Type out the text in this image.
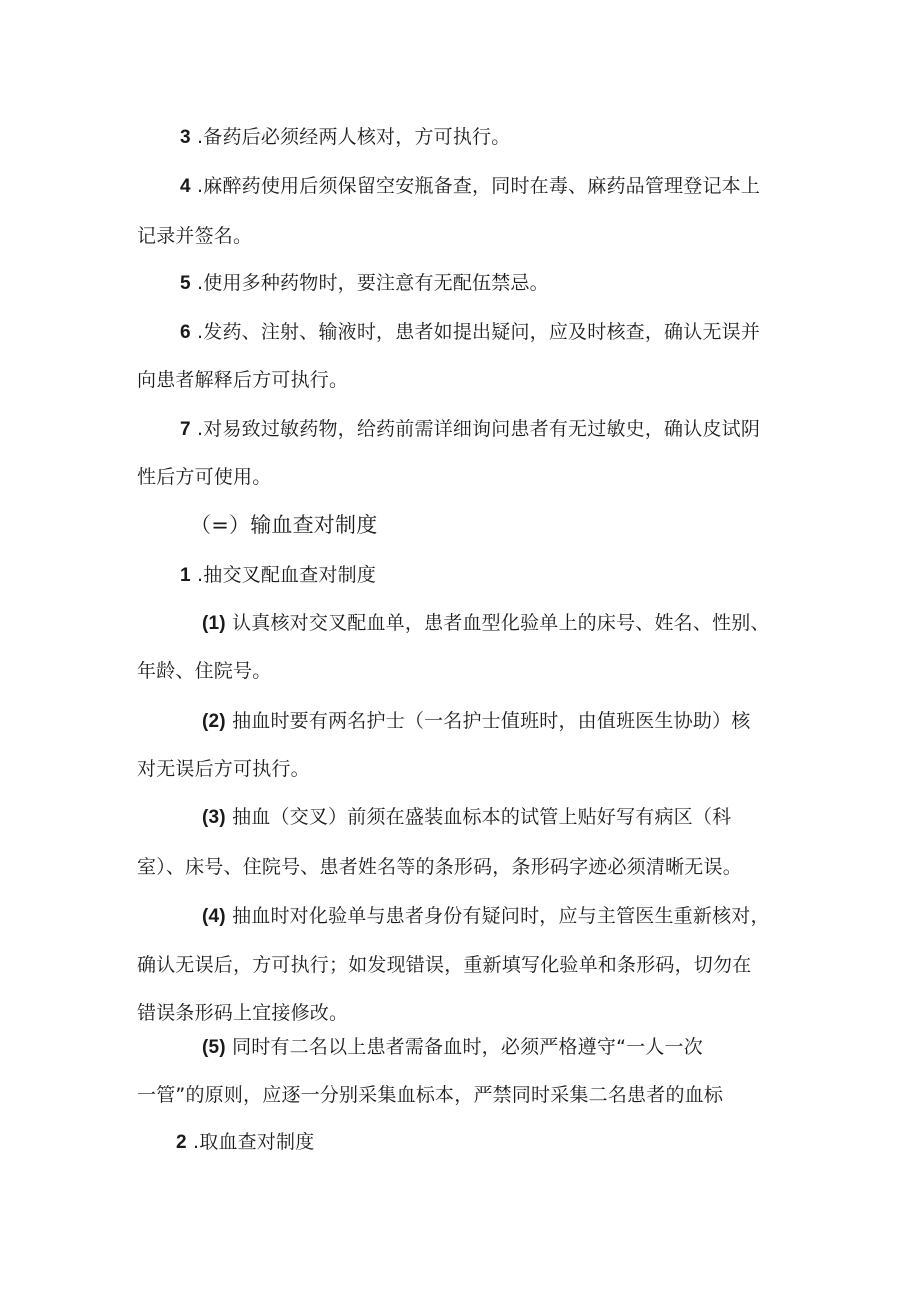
3 .备药后必须经两人核对，方可执行。
4 .麻醉药使用后须保留空安瓶备查，同时在毒、麻药品管理登记本上
记录并签名。
5 .使用多种药物时，要注意有无配伍禁忌。
6 .发药、注射、输液时，患者如提出疑问，应及时核查，确认无误并
向患者解释后方可执行。
7 .对易致过敏药物，给药前需详细询问患者有无过敏史，确认皮试阴
性后方可使用。
（=）输血查对制度
1 .抽交叉配血查对制度
(1) 认真核对交叉配血单，患者血型化验单上的床号、姓名、性别、
年龄、住院号。
(2) 抽血时要有两名护士（一名护士值班时，由值班医生协助）核
对无误后方可执行。
(3) 抽血（交叉）前须在盛装血标本的试管上贴好写有病区（科
室）、床号、住院号、患者姓名等的条形码，条形码字迹必须清晰无误。
(4) 抽血时对化验单与患者身份有疑问时，应与主管医生重新核对，
确认无误后，方可执行；如发现错误，重新填写化验单和条形码，切勿在
错误条形码上宜接修改。
(5) 同时有二名以上患者需备血时，必须严格遵守“一人一次
一管”的原则，应逐一分别采集血标本，严禁同时采集二名患者的血标
2 .取血查对制度
